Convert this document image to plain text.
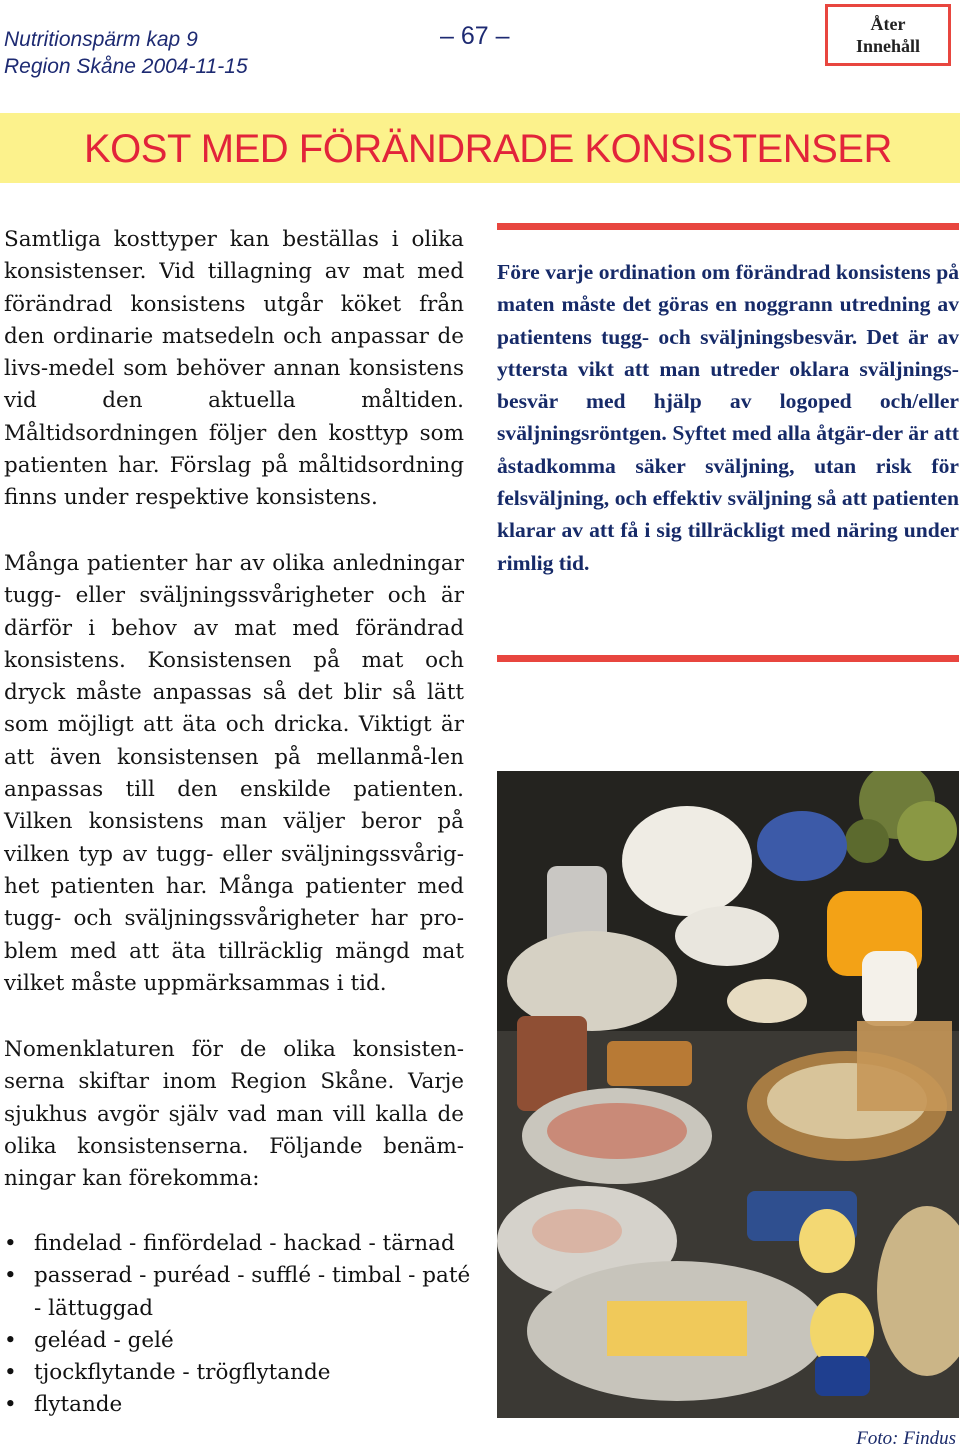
Nutritionspärm kap 9
Region Skåne 2004-11-15
– 67 –	Åter
Innehåll
KOST MED FÖRÄNDRADE KONSISTENSER

Samtliga kosttyper kan beställas i olika konsistenser. Vid tillagning av mat med förändrad konsistens utgår köket från den ordinarie matsedeln och anpassar de livs-medel som behöver annan konsistens vid den aktuella måltiden. Måltidsordningen följer den kosttyp som patienten har. Förslag på måltidsordning finns under respektive konsistens.

Många patienter har av olika anledningar tugg- eller sväljningssvårigheter och är därför i behov av mat med förändrad konsistens. Konsistensen på mat och dryck måste anpassas så det blir så lätt som möjligt att äta och dricka. Viktigt är att även konsistensen på mellanmå-len anpassas till den enskilde patienten. Vilken konsistens man väljer beror på vilken typ av tugg- eller sväljningssvårig-het patienten har. Många patienter med tugg- och sväljningssvårigheter har pro-blem med att äta tillräcklig mängd mat vilket måste uppmärksammas i tid.

Nomenklaturen för de olika konsisten-serna skiftar inom Region Skåne. Varje sjukhus avgör själv vad man vill kalla de olika konsistenserna. Följande benäm-ningar kan förekomma:

• findelad - finfördelad - hackad - tärnad
• passerad - puréad - sufflé - timbal - paté - lättuggad
• geléad - gelé
• tjockflytande - trögflytande
• flytande
Före varje ordination om förändrad konsistens på maten måste det göras en noggrann utredning av patientens tugg- och sväljningsbesvär. Det är av yttersta vikt att man utreder oklara sväljnings-besvär med hjälp av logoped och/eller sväljningsröntgen. Syftet med alla åtgär-der är att åstadkomma säker sväljning, utan risk för felsväljning, och effektiv sväljning så att patienten klarar av att få i sig tillräckligt med näring under rimlig tid.
Foto: Findus
